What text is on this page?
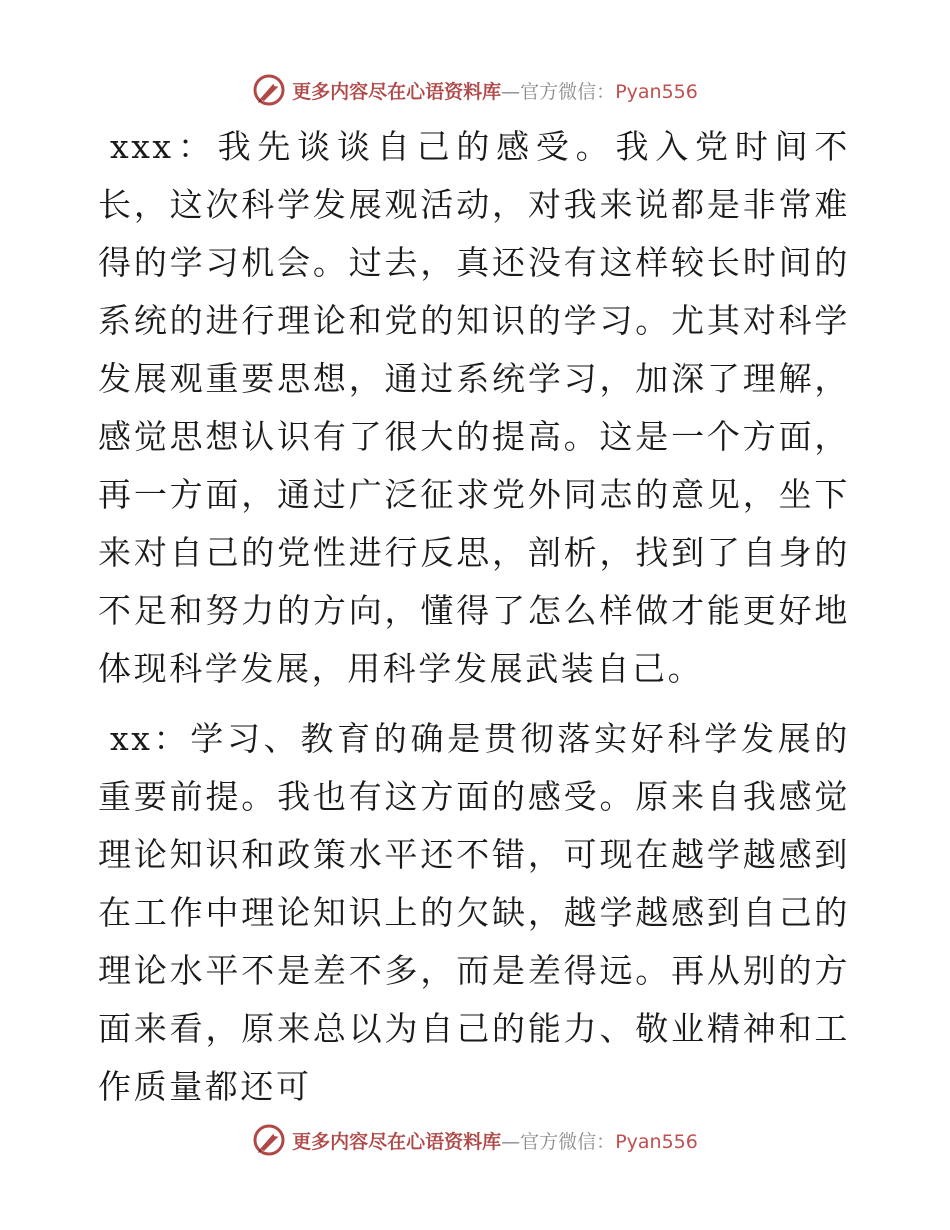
更多内容尽在心语资料库—官方微信：Pyan556

xxx：我先谈谈自己的感受。我入党时间不长，这次科学发展观活动，对我来说都是非常难得的学习机会。过去，真还没有这样较长时间的系统的进行理论和党的知识的学习。尤其对科学发展观重要思想，通过系统学习，加深了理解，感觉思想认识有了很大的提高。这是一个方面，再一方面，通过广泛征求党外同志的意见，坐下来对自己的党性进行反思，剖析，找到了自身的不足和努力的方向，懂得了怎么样做才能更好地体现科学发展，用科学发展武装自己。

xx：学习、教育的确是贯彻落实好科学发展的重要前提。我也有这方面的感受。原来自我感觉理论知识和政策水平还不错，可现在越学越感到在工作中理论知识上的欠缺，越学越感到自己的理论水平不是差不多，而是差得远。再从别的方面来看，原来总以为自己的能力、敬业精神和工作质量都还可

更多内容尽在心语资料库—官方微信：Pyan556
